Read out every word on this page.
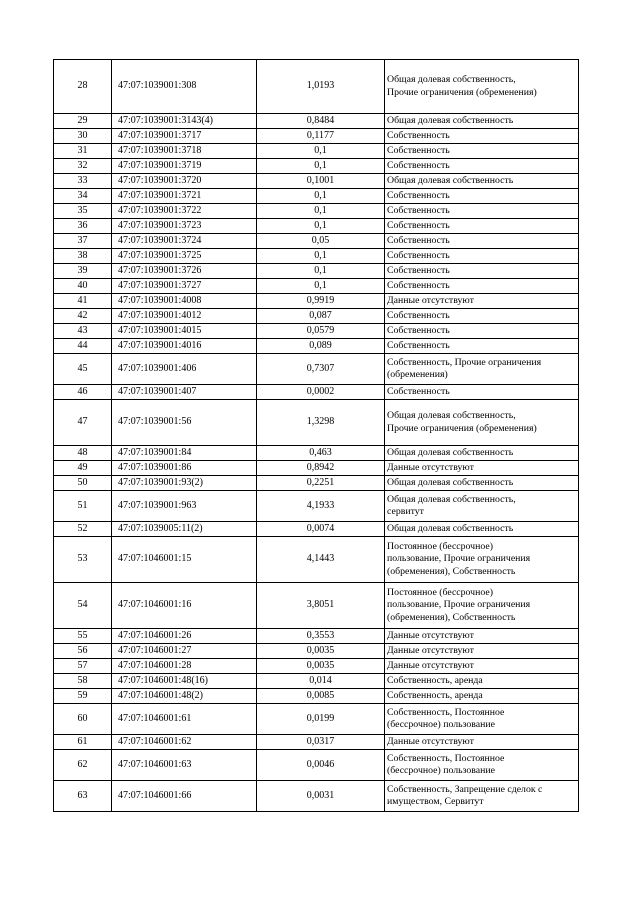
28	47:07:1039001:308	1,0193	Общая долевая собственность,
Прочие ограничения (обременения)
29	47:07:1039001:3143(4)	0,8484	Общая долевая собственность
30	47:07:1039001:3717	0,1177	Собственность
31	47:07:1039001:3718	0,1	Собственность
32	47:07:1039001:3719	0,1	Собственность
33	47:07:1039001:3720	0,1001	Общая долевая собственность
34	47:07:1039001:3721	0,1	Собственность
35	47:07:1039001:3722	0,1	Собственность
36	47:07:1039001:3723	0,1	Собственность
37	47:07:1039001:3724	0,05	Собственность
38	47:07:1039001:3725	0,1	Собственность
39	47:07:1039001:3726	0,1	Собственность
40	47:07:1039001:3727	0,1	Собственность
41	47:07:1039001:4008	0,9919	Данные отсутствуют
42	47:07:1039001:4012	0,087	Собственность
43	47:07:1039001:4015	0,0579	Собственность
44	47:07:1039001:4016	0,089	Собственность
45	47:07:1039001:406	0,7307	Собственность, Прочие ограничения
(обременения)
46	47:07:1039001:407	0,0002	Собственность
47	47:07:1039001:56	1,3298	Общая долевая собственность,
Прочие ограничения (обременения)
48	47:07:1039001:84	0,463	Общая долевая собственность
49	47:07:1039001:86	0,8942	Данные отсутствуют
50	47:07:1039001:93(2)	0,2251	Общая долевая собственность
51	47:07:1039001:963	4,1933	Общая долевая собственность,
сервитут
52	47:07:1039005:11(2)	0,0074	Общая долевая собственность
53	47:07:1046001:15	4,1443	Постоянное (бессрочное)
пользование, Прочие ограничения
(обременения), Собственность
54	47:07:1046001:16	3,8051	Постоянное (бессрочное)
пользование, Прочие ограничения
(обременения), Собственность
55	47:07:1046001:26	0,3553	Данные отсутствуют
56	47:07:1046001:27	0,0035	Данные отсутствуют
57	47:07:1046001:28	0,0035	Данные отсутствуют
58	47:07:1046001:48(16)	0,014	Собственность, аренда
59	47:07:1046001:48(2)	0,0085	Собственность, аренда
60	47:07:1046001:61	0,0199	Собственность, Постоянное
(бессрочное) пользование
61	47:07:1046001:62	0,0317	Данные отсутствуют
62	47:07:1046001:63	0,0046	Собственность, Постоянное
(бессрочное) пользование
63	47:07:1046001:66	0,0031	Собственность, Запрещение сделок с
имуществом, Сервитут
